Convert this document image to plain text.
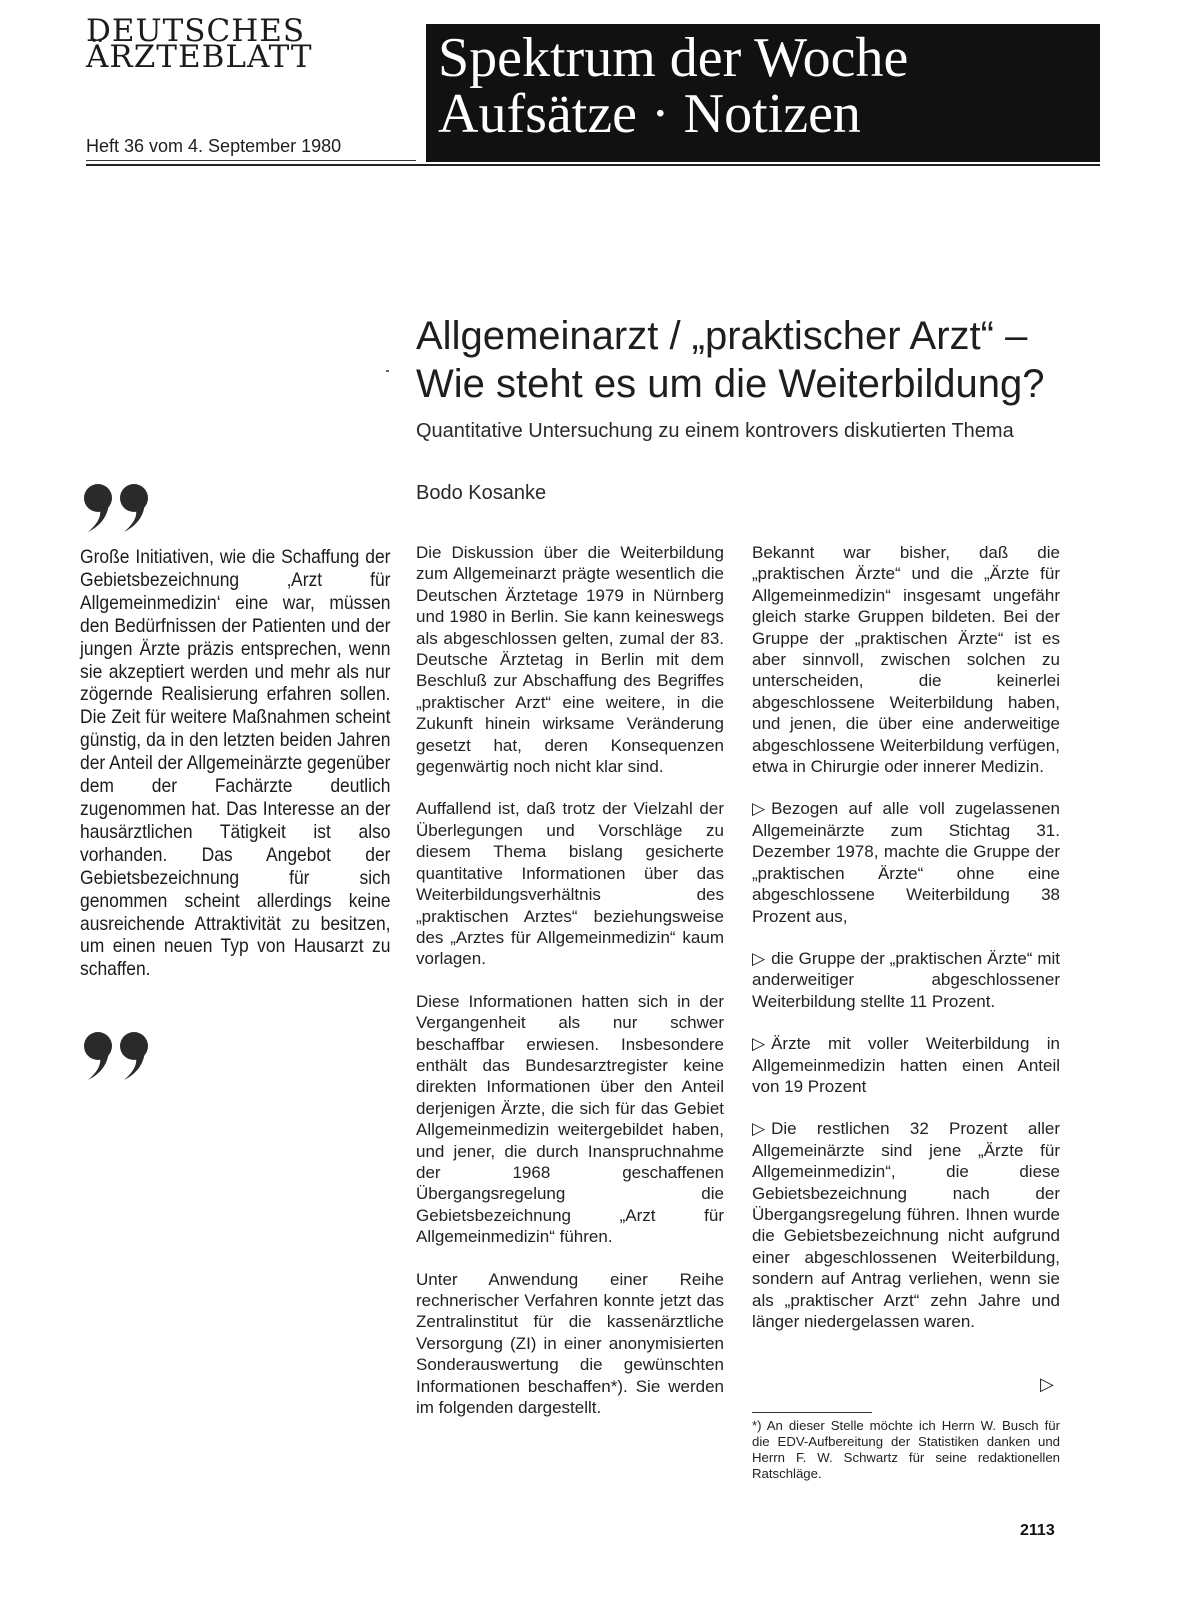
DEUTSCHES
ÄRZTEBLATT
Heft 36 vom 4. September 1980
Spektrum der Woche
Aufsätze · Notizen
Allgemeinarzt / „praktischer Arzt“ –
Wie steht es um die Weiterbildung?
Quantitative Untersuchung zu einem kontrovers diskutierten Thema
Bodo Kosanke
Große Initiativen, wie die Schaffung der Gebietsbezeichnung ‚Arzt für Allgemeinmedizin‘ eine war, müssen den Bedürfnissen der Patienten und der jungen Ärzte präzis entsprechen, wenn sie akzeptiert werden und mehr als nur zögernde Realisierung erfahren sollen. Die Zeit für weitere Maßnahmen scheint günstig, da in den letzten beiden Jahren der Anteil der Allgemeinärzte gegenüber dem der Fachärzte deutlich zugenommen hat. Das Interesse an der hausärztlichen Tätigkeit ist also vorhanden. Das Angebot der Gebietsbezeichnung für sich genommen scheint allerdings keine ausreichende Attraktivität zu besitzen, um einen neuen Typ von Hausarzt zu schaffen.

Die Diskussion über die Weiterbildung zum Allgemeinarzt prägte wesentlich die Deutschen Ärztetage 1979 in Nürnberg und 1980 in Berlin. Sie kann keineswegs als abgeschlossen gelten, zumal der 83. Deutsche Ärztetag in Berlin mit dem Beschluß zur Abschaffung des Begriffes „praktischer Arzt“ eine weitere, in die Zukunft hinein wirksame Veränderung gesetzt hat, deren Konsequenzen gegenwärtig noch nicht klar sind.

Auffallend ist, daß trotz der Vielzahl der Überlegungen und Vorschläge zu diesem Thema bislang gesicherte quantitative Informationen über das Weiterbildungsverhältnis des „praktischen Arztes“ beziehungsweise des „Arztes für Allgemeinmedizin“ kaum vorlagen.

Diese Informationen hatten sich in der Vergangenheit als nur schwer beschaffbar erwiesen. Insbesondere enthält das Bundesarztregister keine direkten Informationen über den Anteil derjenigen Ärzte, die sich für das Gebiet Allgemeinmedizin weitergebildet haben, und jener, die durch Inanspruchnahme der 1968 geschaffenen Übergangsregelung die Gebietsbezeichnung „Arzt für Allgemeinmedizin“ führen.

Unter Anwendung einer Reihe rechnerischer Verfahren konnte jetzt das Zentralinstitut für die kassenärztliche Versorgung (ZI) in einer anonymisierten Sonderauswertung die gewünschten Informationen beschaffen*). Sie werden im folgenden dargestellt.

Bekannt war bisher, daß die „praktischen Ärzte“ und die „Ärzte für Allgemeinmedizin“ insgesamt ungefähr gleich starke Gruppen bildeten. Bei der Gruppe der „praktischen Ärzte“ ist es aber sinnvoll, zwischen solchen zu unterscheiden, die keinerlei abgeschlossene Weiterbildung haben, und jenen, die über eine anderweitige abgeschlossene Weiterbildung verfügen, etwa in Chirurgie oder innerer Medizin.

▷ Bezogen auf alle voll zugelassenen Allgemeinärzte zum Stichtag 31. Dezember 1978, machte die Gruppe der „praktischen Ärzte“ ohne eine abgeschlossene Weiterbildung 38 Prozent aus,

▷ die Gruppe der „praktischen Ärzte“ mit anderweitiger abgeschlossener Weiterbildung stellte 11 Prozent.

▷ Ärzte mit voller Weiterbildung in Allgemeinmedizin hatten einen Anteil von 19 Prozent

▷ Die restlichen 32 Prozent aller Allgemeinärzte sind jene „Ärzte für Allgemeinmedizin“, die diese Gebietsbezeichnung nach der Übergangsregelung führen. Ihnen wurde die Gebietsbezeichnung nicht aufgrund einer abgeschlossenen Weiterbildung, sondern auf Antrag verliehen, wenn sie als „praktischer Arzt“ zehn Jahre und länger niedergelassen waren.

▷
*) An dieser Stelle möchte ich Herrn W. Busch für die EDV-Aufbereitung der Statistiken danken und Herrn F. W. Schwartz für seine redaktionellen Ratschläge.
2113
